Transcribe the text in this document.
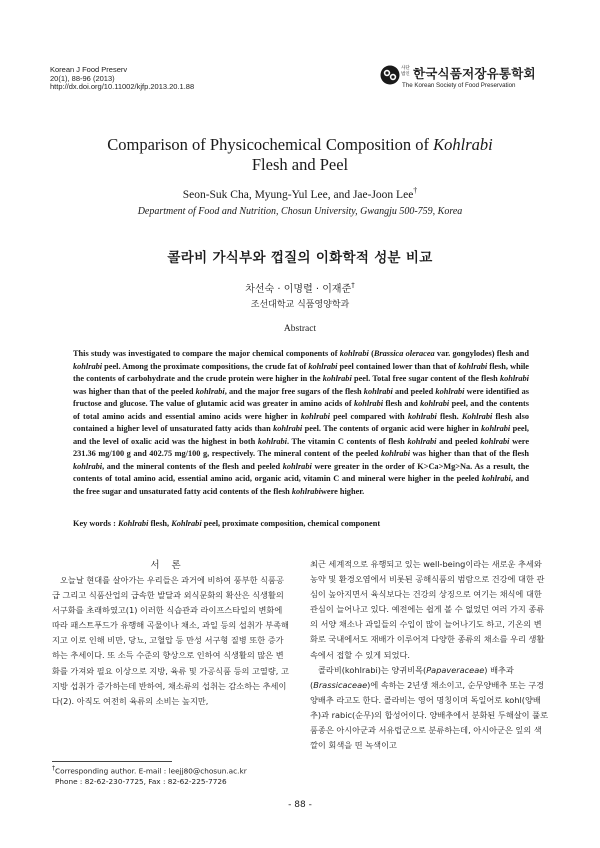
Korean J Food Preserv
20(1), 88-96 (2013)
http://dx.doi.org/10.11002/kjfp.2013.20.1.88
사단 법인 한국식품저장유통학회
The Korean Society of Food Preservation
Comparison of Physicochemical Composition of Kohlrabi
Flesh and Peel
Seon-Suk Cha, Myung-Yul Lee, and Jae-Joon Lee†
Department of Food and Nutrition, Chosun University, Gwangju 500-759, Korea
콜라비 가식부와 껍질의 이화학적 성분 비교
차선숙 · 이명렬 · 이재준†
조선대학교 식품영양학과
Abstract
This study was investigated to compare the major chemical components of kohlrabi (Brassica oleracea var. gongylodes) flesh and kohlrabi peel. Among the proximate compositions, the crude fat of kohlrabi peel contained lower than that of kohlrabi flesh, while the contents of carbohydrate and the crude protein were higher in the kohlrabi peel. Total free sugar content of the flesh kohlrabi was higher than that of the peeled kohlrabi, and the major free sugars of the flesh kohlrabi and peeled kohlrabi were identified as fructose and glucose. The value of glutamic acid was greater in amino acids of kohlrabi flesh and kohlrabi peel, and the contents of total amino acids and essential amino acids were higher in kohlrabi peel compared with kohlrabi flesh. Kohlrabi flesh also contained a higher level of unsaturated fatty acids than kohlrabi peel. The contents of organic acid were higher in kohlrabi peel, and the level of oxalic acid was the highest in both kohlrabi. The vitamin C contents of flesh kohlrabi and peeled kohlrabi were 231.36 mg/100 g and 402.75 mg/100 g, respectively. The mineral content of the peeled kohlrabi was higher than that of the flesh kohlrabi, and the mineral contents of the flesh and peeled kohlrabi were greater in the order of K>Ca>Mg>Na. As a result, the contents of total amino acid, essential amino acid, organic acid, vitamin C and mineral were higher in the peeled kohlrabi, and the free sugar and unsaturated fatty acid contents of the flesh kohlrabiwere higher.
Key words : Kohlrabi flesh, Kohlrabi peel, proximate composition, chemical component
서론

오늘날 현대를 살아가는 우리들은 과거에 비하여 풍부한 식품공급 그리고 식품산업의 급속한 발달과 외식문화의 확산은 식생활의 서구화를 초래하였고(1) 이러한 식습관과 라이프스타일의 변화에 따라 패스트푸드가 유행해 곡물이나 채소, 과일 등의 섭취가 부족해지고 이로 인해 비만, 당뇨, 고혈압 등 만성 서구형 질병 또한 증가하는 추세이다. 또 소득 수준의 향상으로 인하여 식생활의 많은 변화를 가져와 필요 이상으로 지방, 육류 및 가공식품 등의 고열량, 고지방 섭취가 증가하는데 반하여, 채소류의 섭취는 감소하는 추세이다(2). 아직도 여전히 육류의 소비는 높지만,

최근 세계적으로 유행되고 있는 well-being이라는 새로운 추세와 농약 및 환경오염에서 비롯된 공해식품의 범람으로 건강에 대한 관심이 높아지면서 육식보다는 건강의 상징으로 여기는 채식에 대한 관심이 늘어나고 있다. 예전에는 쉽게 볼 수 없었던 여러 가지 종류의 서양 채소나 과일들의 수입이 많이 늘어나기도 하고, 기온의 변화로 국내에서도 재배가 이루어져 다양한 종류의 채소를 우리 생활 속에서 접할 수 있게 되었다.

콜라비(kohlrabi)는 양귀비목(Papaveraceae) 배추과(Brassicaceae)에 속하는 2년생 채소이고, 순무양배추 또는 구경양배추 라고도 한다. 콜라비는 영어 명칭이며 독일어로 kohl(양배추)과 rabic(순무)의 합성어이다. 양배추에서 분화된 두해살이 풀로 품종은 아시아군과 서유럽군으로 분류하는데, 아시아군은 잎의 색깔이 회색을 띤 녹색이고

†Corresponding author. E-mail : leejj80@chosun.ac.kr
Phone : 82-62-230-7725, Fax : 82-62-225-7726
- 88 -
